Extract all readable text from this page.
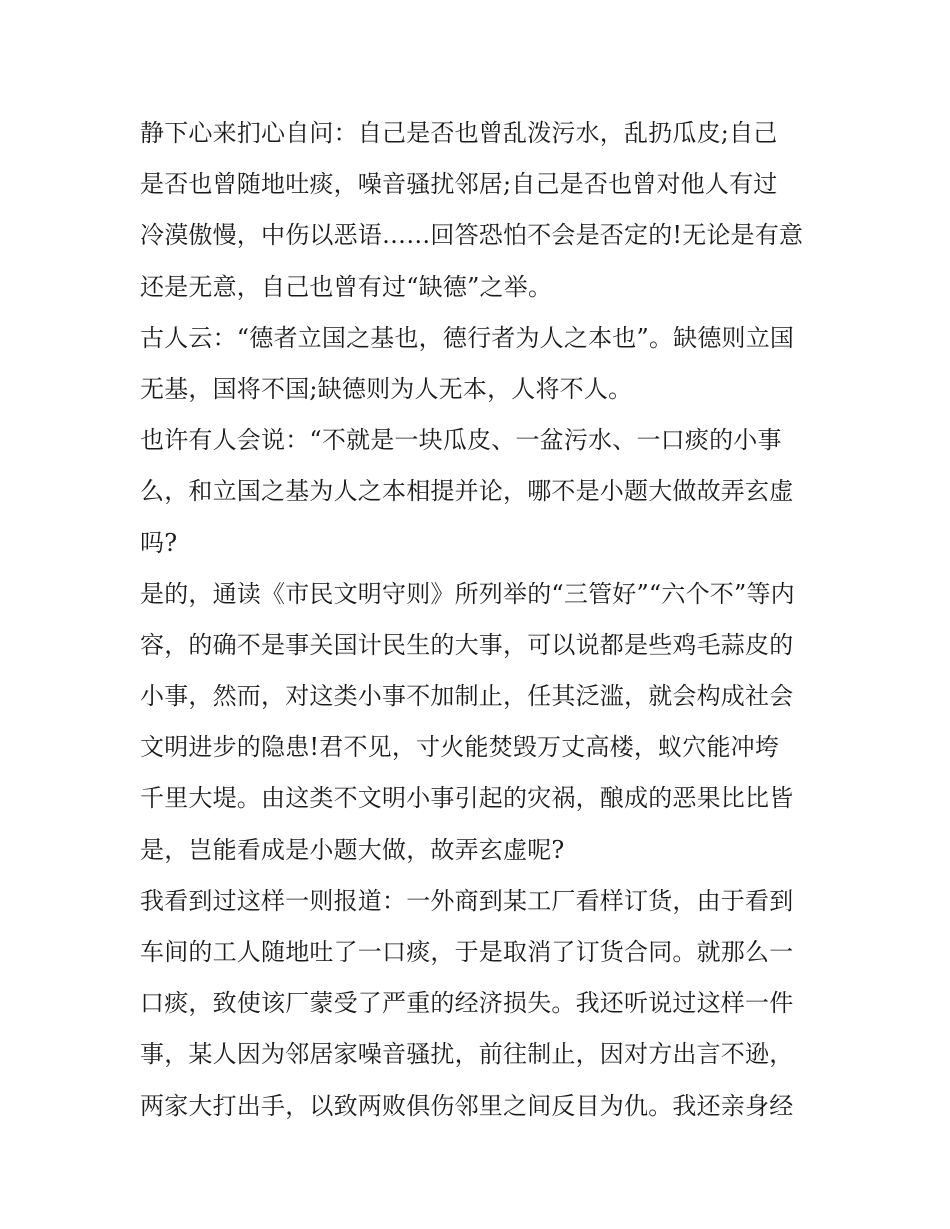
静下心来扪心自问：自己是否也曾乱泼污水，乱扔瓜皮;自己
是否也曾随地吐痰，噪音骚扰邻居;自己是否也曾对他人有过
冷漠傲慢，中伤以恶语……回答恐怕不会是否定的!无论是有意
还是无意，自己也曾有过“缺德”之举。
古人云：“德者立国之基也，德行者为人之本也”。缺德则立国
无基，国将不国;缺德则为人无本，人将不人。
也许有人会说：“不就是一块瓜皮、一盆污水、一口痰的小事
么，和立国之基为人之本相提并论，哪不是小题大做故弄玄虚
吗?
是的，通读《市民文明守则》所列举的“三管好”“六个不”等内
容，的确不是事关国计民生的大事，可以说都是些鸡毛蒜皮的
小事，然而，对这类小事不加制止，任其泛滥，就会构成社会
文明进步的隐患!君不见，寸火能焚毁万丈高楼，蚁穴能冲垮
千里大堤。由这类不文明小事引起的灾祸，酿成的恶果比比皆
是，岂能看成是小题大做，故弄玄虚呢?
我看到过这样一则报道：一外商到某工厂看样订货，由于看到
车间的工人随地吐了一口痰，于是取消了订货合同。就那么一
口痰，致使该厂蒙受了严重的经济损失。我还听说过这样一件
事，某人因为邻居家噪音骚扰，前往制止，因对方出言不逊，
两家大打出手，以致两败俱伤邻里之间反目为仇。我还亲身经
